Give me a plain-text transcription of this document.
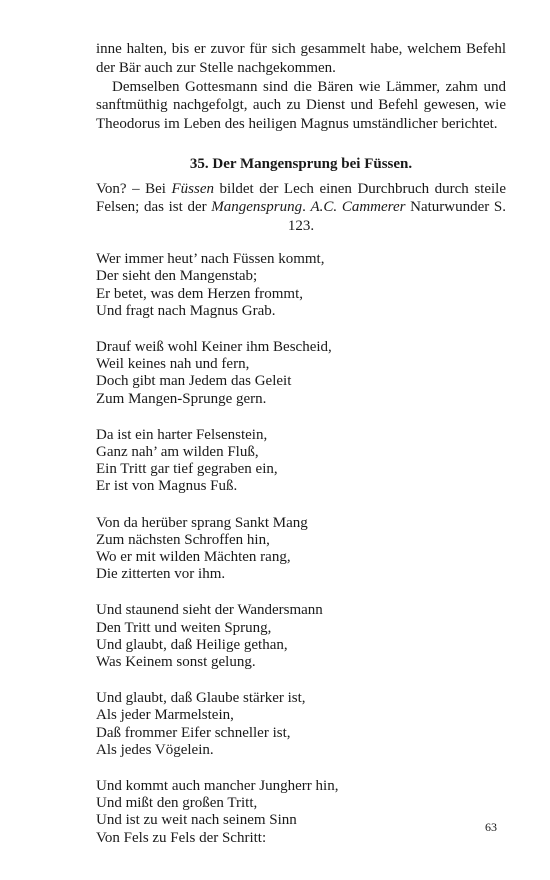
inne halten, bis er zuvor für sich gesammelt habe, welchem Befehl der Bär auch zur Stelle nachgekommen.

Demselben Gottesmann sind die Bären wie Lämmer, zahm und sanftmüthig nachgefolgt, auch zu Dienst und Befehl gewesen, wie Theodorus im Leben des heiligen Magnus umständlicher berichtet.

35. Der Mangensprung bei Füssen.

Von? – Bei Füssen bildet der Lech einen Durchbruch durch steile Felsen; das ist der Mangensprung. A.C. Cammerer Naturwunder S. 123.

Wer immer heut’ nach Füssen kommt,
Der sieht den Mangenstab;
Er betet, was dem Herzen frommt,
Und fragt nach Magnus Grab.
Drauf weiß wohl Keiner ihm Bescheid,
Weil keines nah und fern,
Doch gibt man Jedem das Geleit
Zum Mangen-Sprunge gern.
Da ist ein harter Felsenstein,
Ganz nah’ am wilden Fluß,
Ein Tritt gar tief gegraben ein,
Er ist von Magnus Fuß.
Von da herüber sprang Sankt Mang
Zum nächsten Schroffen hin,
Wo er mit wilden Mächten rang,
Die zitterten vor ihm.
Und staunend sieht der Wandersmann
Den Tritt und weiten Sprung,
Und glaubt, daß Heilige gethan,
Was Keinem sonst gelung.
Und glaubt, daß Glaube stärker ist,
Als jeder Marmelstein,
Daß frommer Eifer schneller ist,
Als jedes Vögelein.
Und kommt auch mancher Jungherr hin,
Und mißt den großen Tritt,
Und ist zu weit nach seinem Sinn
Von Fels zu Fels der Schritt:
63
